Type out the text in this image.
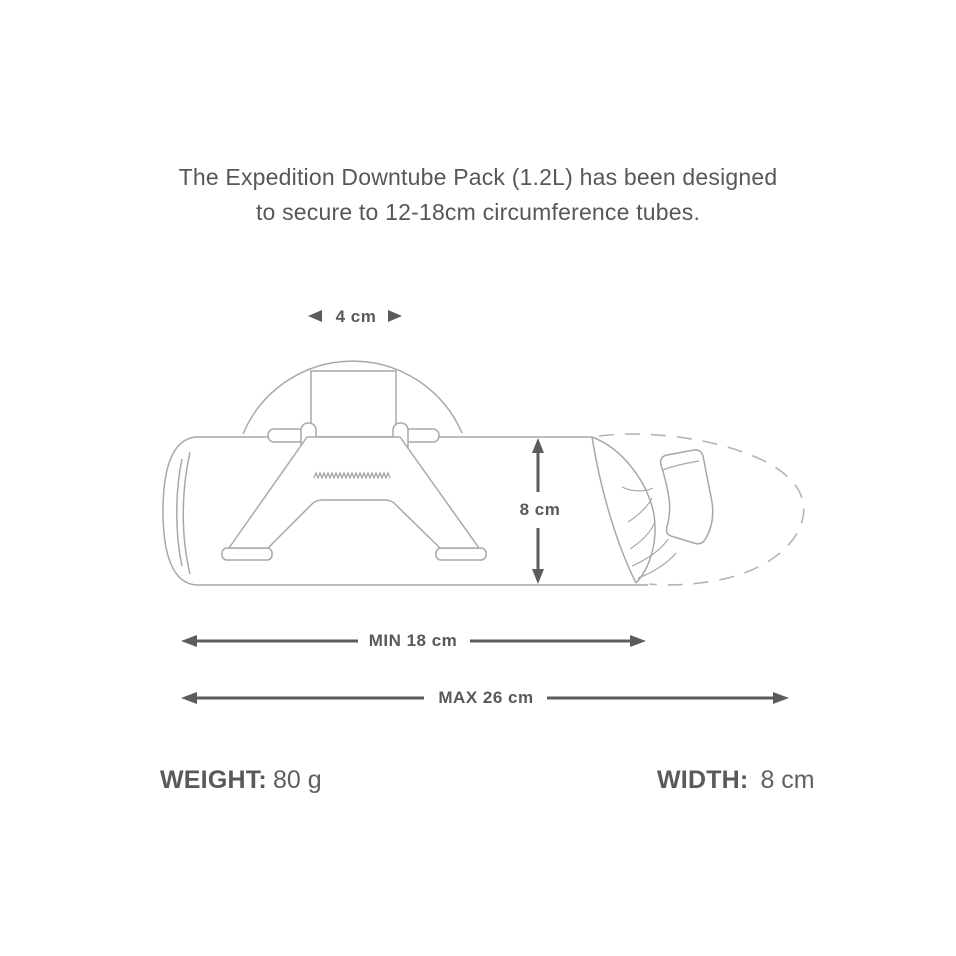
The Expedition Downtube Pack (1.2L) has been designed
to secure to 12-18cm circumference tubes.
4 cm
8 cm
MIN 18 cm
MAX 26 cm
WEIGHT: 80 g	WIDTH: 8 cm
